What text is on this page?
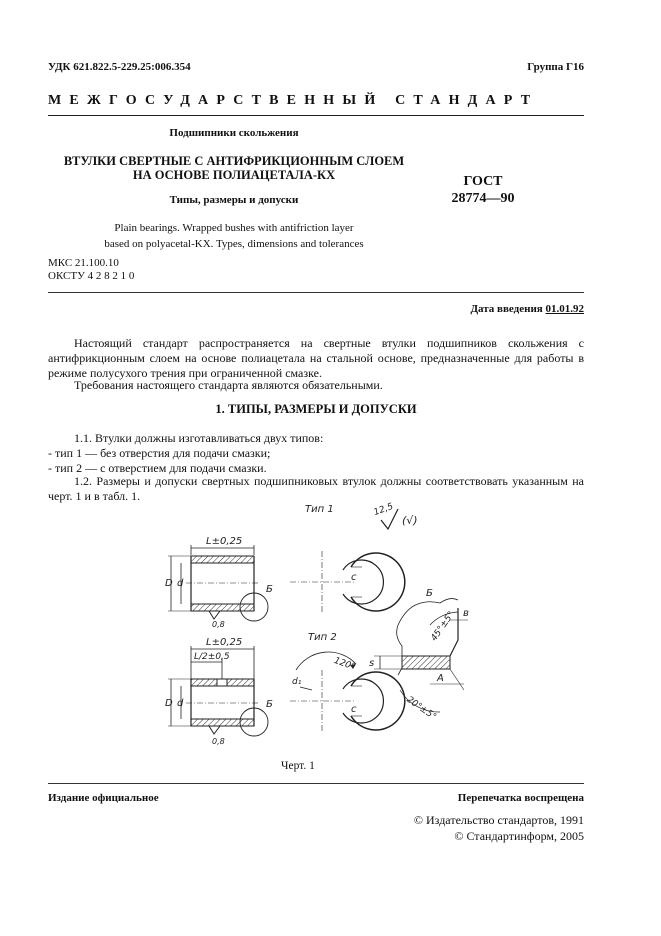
УДК 621.822.5-229.25:006.354	Группа Г16
МЕЖГОСУДАРСТВЕННЫЙ СТАНДАРТ
Подшипники скольжения
ВТУЛКИ СВЕРТНЫЕ С АНТИФРИКЦИОННЫМ СЛОЕМ
НА ОСНОВЕ ПОЛИАЦЕТАЛА-КХ
Типы, размеры и допуски
Plain bearings. Wrapped bushes with antifriction layer
based on polyacetal-KX. Types, dimensions and tolerances
ГОСТ
28774—90
МКС 21.100.10
ОКСТУ 4 2 8 2 1 0
Дата введения 01.01.92
Настоящий стандарт распространяется на свертные втулки подшипников скольжения с антифрикционным слоем на основе полиацетала на стальной основе, предназначенные для работы в режиме полусухого трения при ограниченной смазке.
Требования настоящего стандарта являются обязательными.
1. ТИПЫ, РАЗМЕРЫ И ДОПУСКИ
1.1. Втулки должны изготавливаться двух типов:
- тип 1 — без отверстия для подачи смазки;
- тип 2 — с отверстием для подачи смазки.
1.2. Размеры и допуски свертных подшипниковых втулок должны соответствовать указанным на черт. 1 и в табл. 1.
Тип 1
Тип 2
12,5
(√)
L±0,25
D d
Б
0,8
c
L±0,25
L/2±0,5
D d	Б
0,8
c
120°
d₁
Б
в
45°±5°
s
A
20°±5°
Черт. 1
Издание официальное	Перепечатка воспрещена
© Издательство стандартов, 1991
© Стандартинформ, 2005
